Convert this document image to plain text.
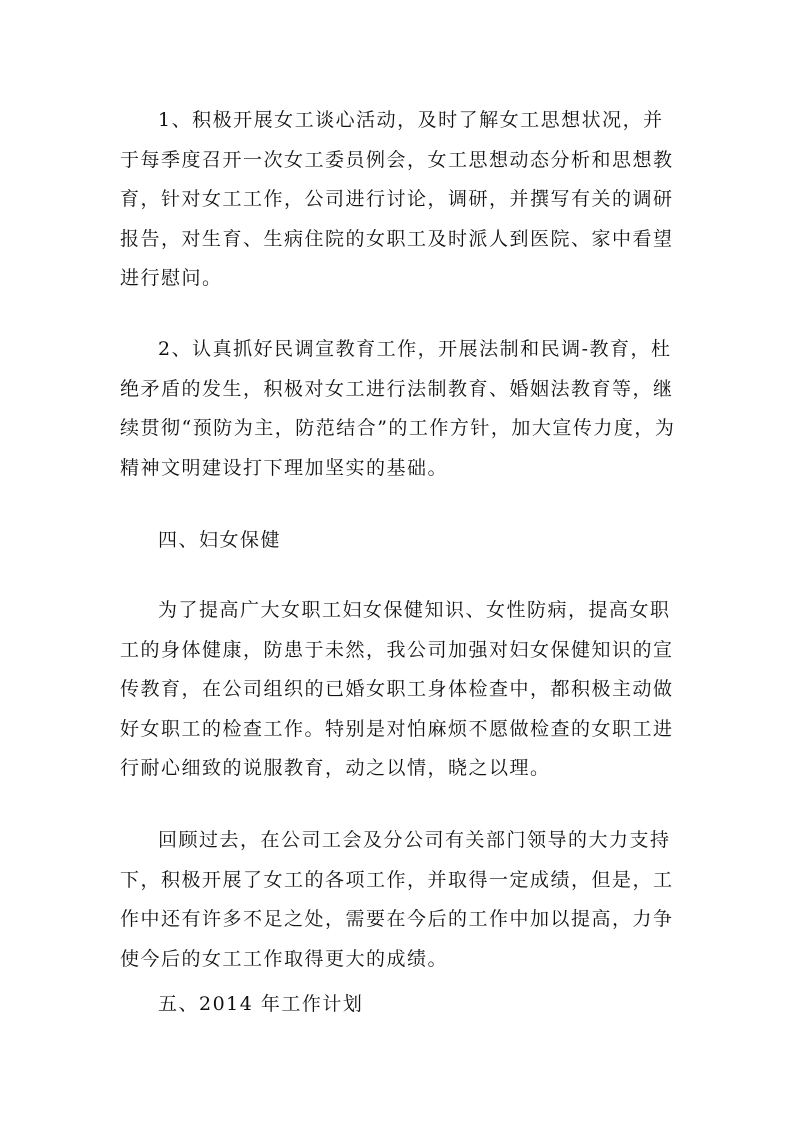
1、积极开展女工谈心活动，及时了解女工思想状况，并于每季度召开一次女工委员例会，女工思想动态分析和思想教育，针对女工工作，公司进行讨论，调研，并撰写有关的调研报告，对生育、生病住院的女职工及时派人到医院、家中看望进行慰问。

2、认真抓好民调宣教育工作，开展法制和民调-教育，杜绝矛盾的发生，积极对女工进行法制教育、婚姻法教育等，继续贯彻“预防为主，防范结合”的工作方针，加大宣传力度，为精神文明建设打下理加坚实的基础。

四、妇女保健

为了提高广大女职工妇女保健知识、女性防病，提高女职工的身体健康，防患于未然，我公司加强对妇女保健知识的宣传教育，在公司组织的已婚女职工身体检查中，都积极主动做好女职工的检查工作。特别是对怕麻烦不愿做检查的女职工进行耐心细致的说服教育，动之以情，晓之以理。

回顾过去，在公司工会及分公司有关部门领导的大力支持下，积极开展了女工的各项工作，并取得一定成绩，但是，工作中还有许多不足之处，需要在今后的工作中加以提高，力争使今后的女工工作取得更大的成绩。

五、2014 年工作计划
